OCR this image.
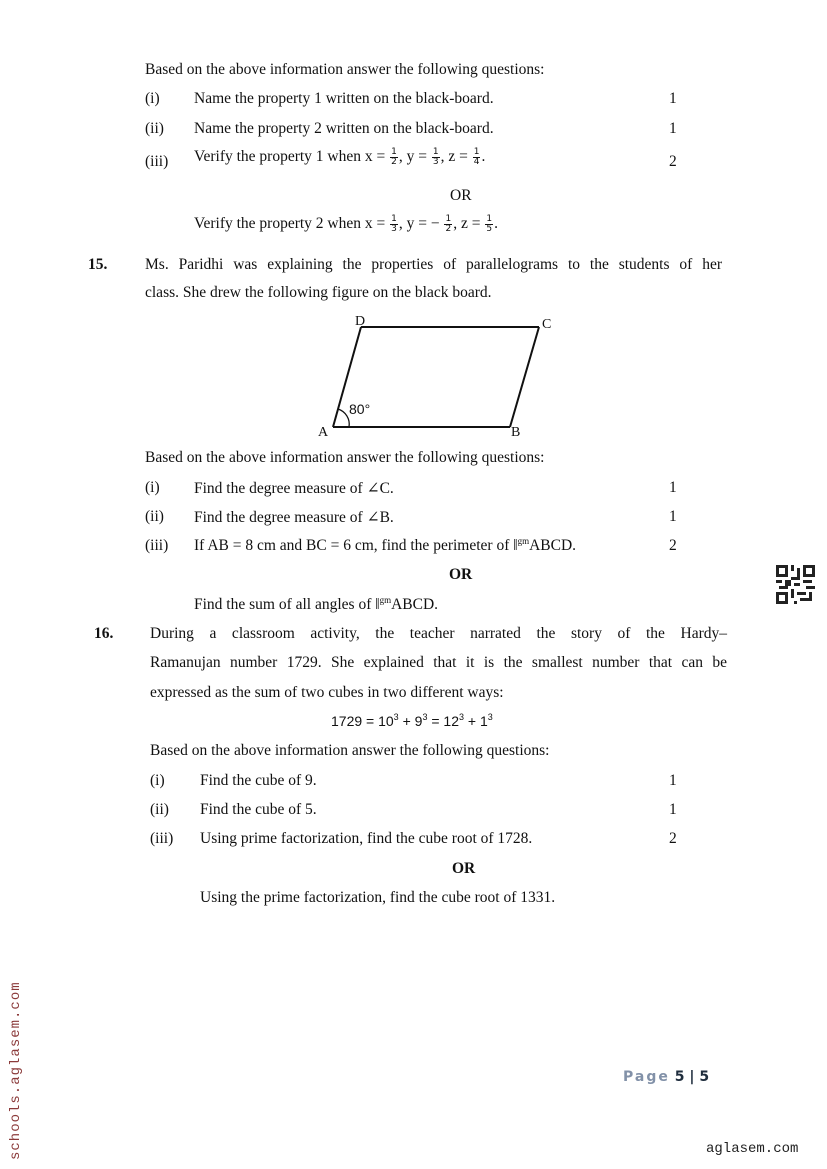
Based on the above information answer the following questions:
(i) Name the property 1 written on the black-board.	1
(ii) Name the property 2 written on the black-board.	1
(iii) Verify the property 1 when $x = \frac{1}{2}$ , $y = \frac{1}{3}$ , $z = \frac{1}{4}$ .	2
OR
Verify the property 2 when $x = \frac{1}{3}$ , y = − $\frac{1}{2}$ , $z = \frac{1}{5}$ .
15. Ms. Paridhi was explaining the properties of parallelograms to the students of her
class. She drew the following figure on the black board.
D	C
A	B
80°
Based on the above information answer the following questions:
(i) Find the degree measure of ∠C.	1
(ii) Find the degree measure of ∠B.	1
(iii) If AB = 8 cm and BC = 6 cm, find the perimeter of ‖$^{gm}$ABCD.	2
OR
Find the sum of all angles of ‖$^{gm}$ABCD.
16. During a classroom activity, the teacher narrated the story of the Hardy–
Ramanujan number 1729. She explained that it is the smallest number that can be
expressed as the sum of two cubes in two different ways:
$1729 = 10^3 + 9^3 = 12^3 + 1^3$
Based on the above information answer the following questions:
(i) Find the cube of 9.	1
(ii) Find the cube of 5.	1
(iii) Using prime factorization, find the cube root of 1728.	2
OR
Using the prime factorization, find the cube root of 1331.
Page 5 | 5
schools.aglasem.com	aglasem.com
